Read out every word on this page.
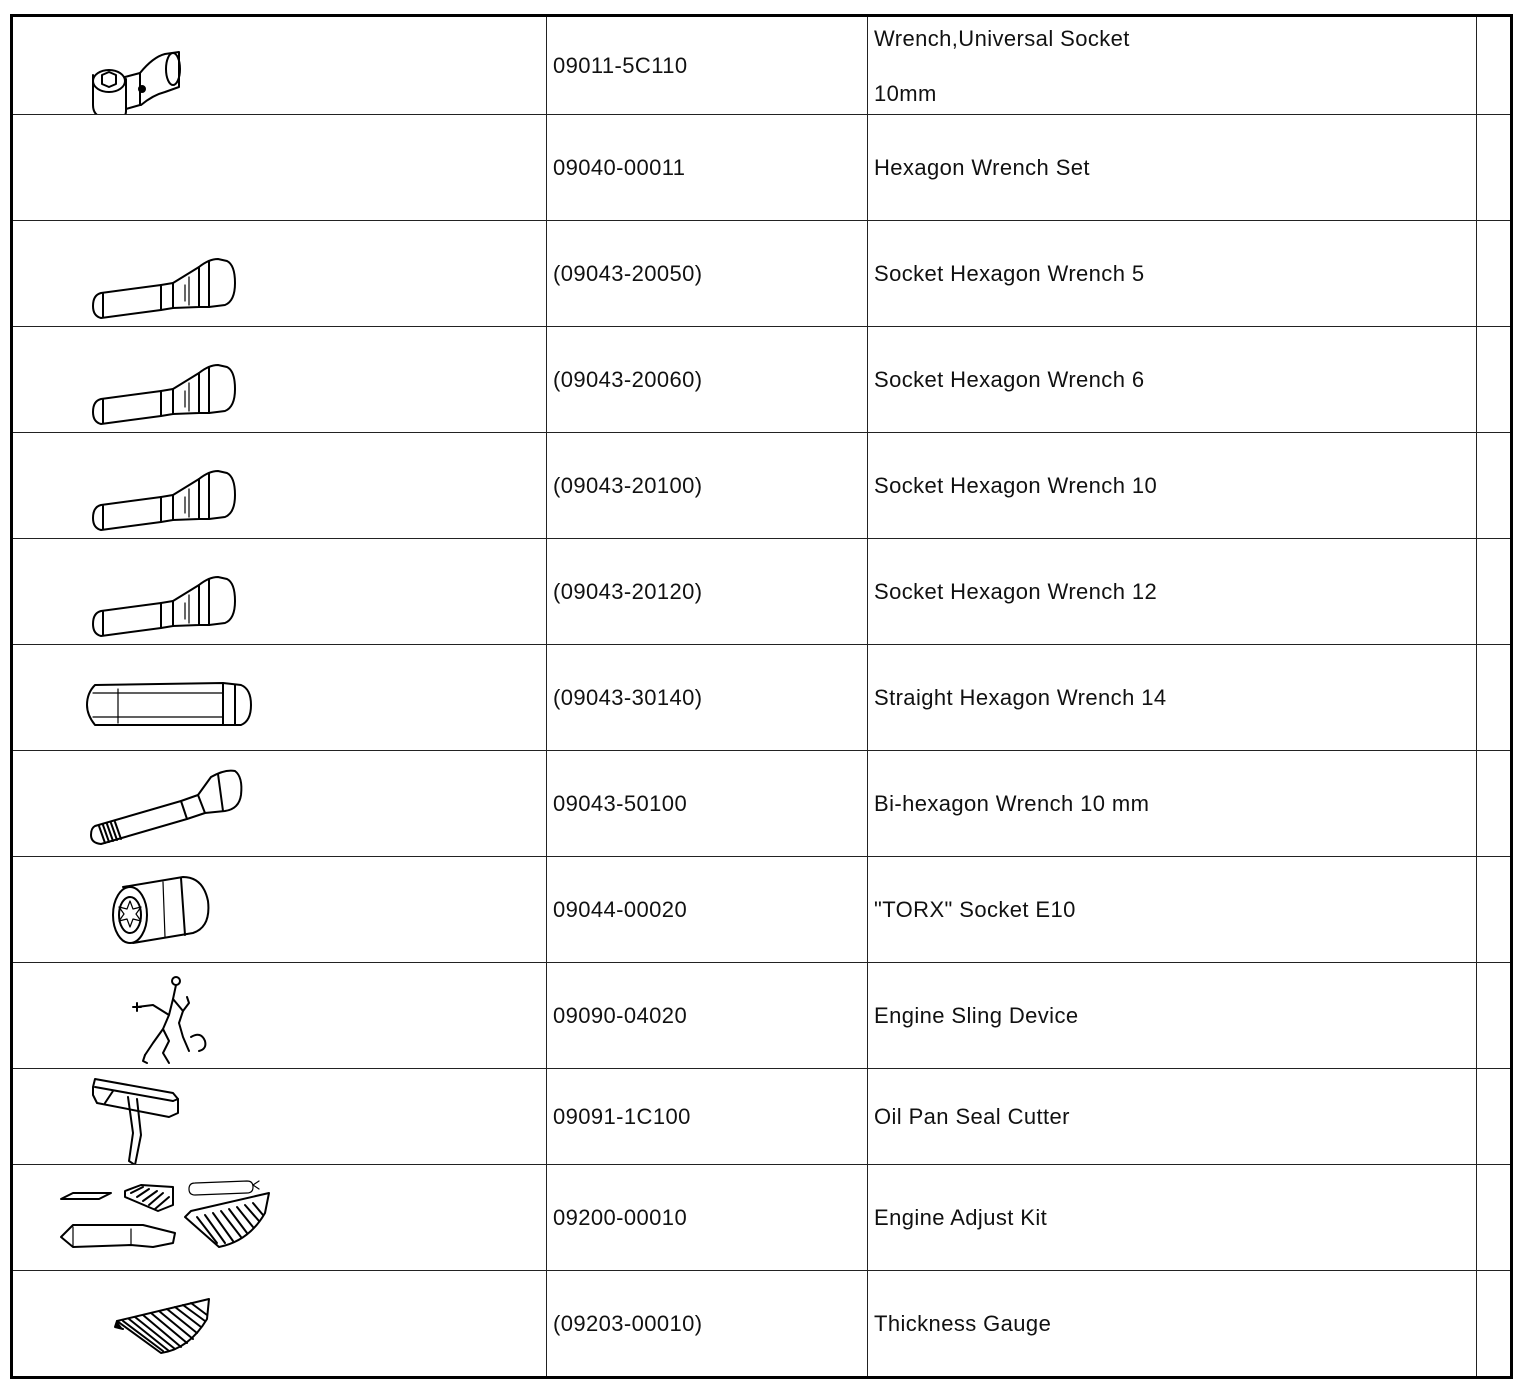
	09011-5C110	Wrench,Universal Socket
10mm	

	09040-00011	Hexagon Wrench Set	

	(09043-20050)	Socket Hexagon Wrench 5	

	(09043-20060)	Socket Hexagon Wrench 6	

	(09043-20100)	Socket Hexagon Wrench 10	

	(09043-20120)	Socket Hexagon Wrench 12	

	(09043-30140)	Straight Hexagon Wrench 14	

	09043-50100	Bi-hexagon Wrench 10 mm	

	09044-00020	"TORX" Socket E10	

	09090-04020	Engine Sling Device	

	09091-1C100	Oil Pan Seal Cutter	

	09200-00010	Engine Adjust Kit	

	(09203-00010)	Thickness Gauge	
